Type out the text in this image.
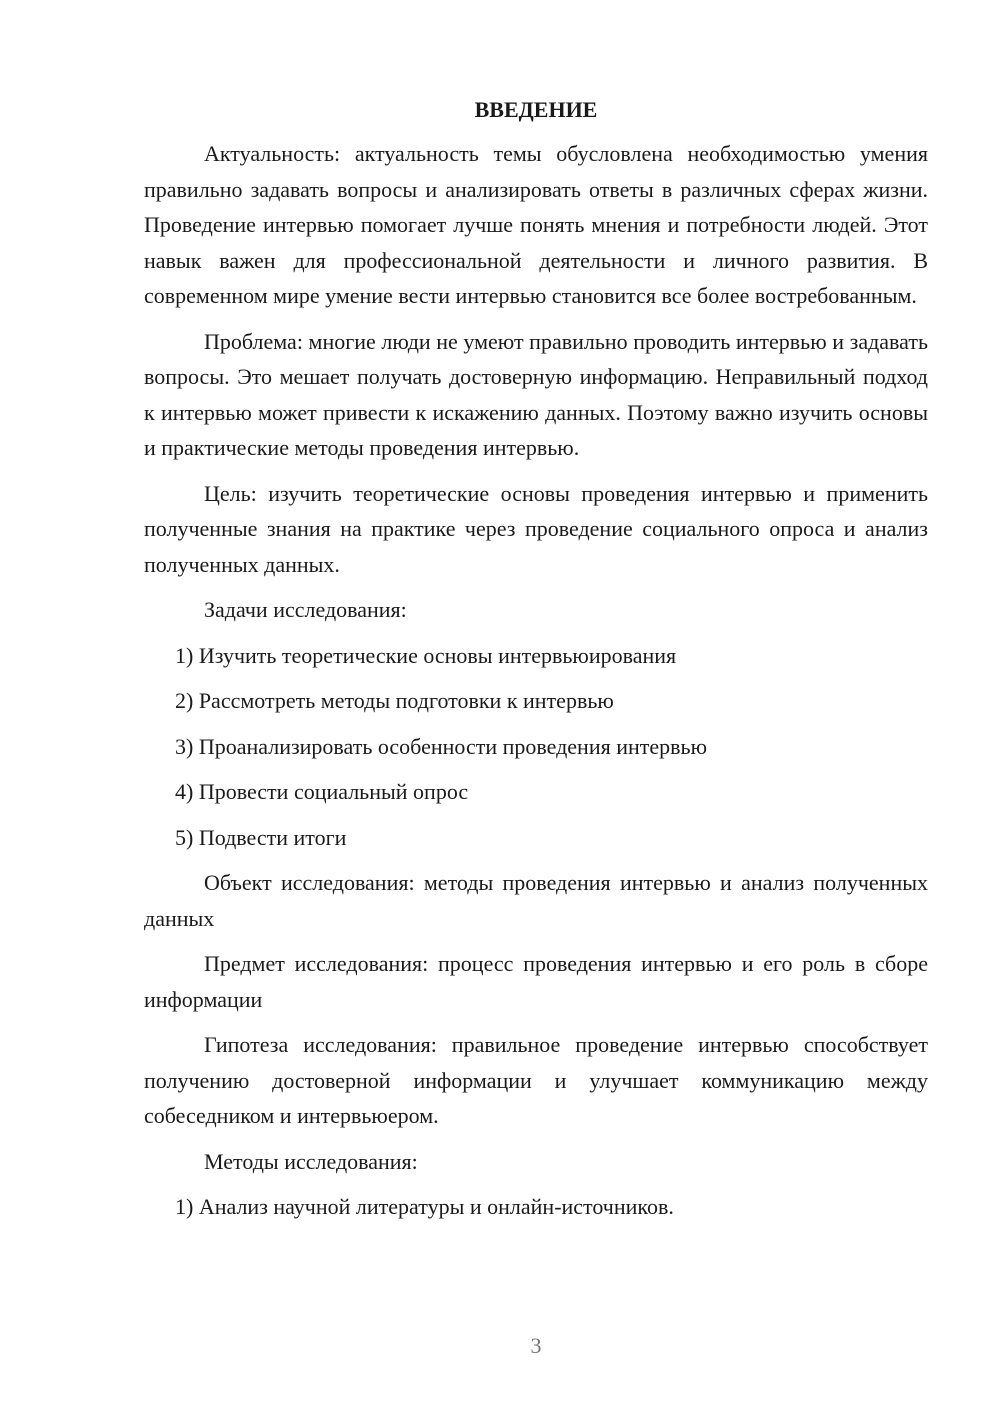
ВВЕДЕНИЕ
Актуальность: актуальность темы обусловлена необходимостью умения правильно задавать вопросы и анализировать ответы в различных сферах жизни. Проведение интервью помогает лучше понять мнения и потребности людей. Этот навык важен для профессиональной деятельности и личного развития. В современном мире умение вести интервью становится все более востребованным.
Проблема: многие люди не умеют правильно проводить интервью и задавать вопросы. Это мешает получать достоверную информацию. Неправильный подход к интервью может привести к искажению данных. Поэтому важно изучить основы и практические методы проведения интервью.
Цель: изучить теоретические основы проведения интервью и применить полученные знания на практике через проведение социального опроса и анализ полученных данных.
Задачи исследования:
1) Изучить теоретические основы интервьюирования
2) Рассмотреть методы подготовки к интервью
3) Проанализировать особенности проведения интервью
4) Провести социальный опрос
5) Подвести итоги
Объект исследования: методы проведения интервью и анализ полученных данных
Предмет исследования: процесс проведения интервью и его роль в сборе информации
Гипотеза исследования: правильное проведение интервью способствует получению достоверной информации и улучшает коммуникацию между собеседником и интервьюером.
Методы исследования:
1) Анализ научной литературы и онлайн-источников.
3
